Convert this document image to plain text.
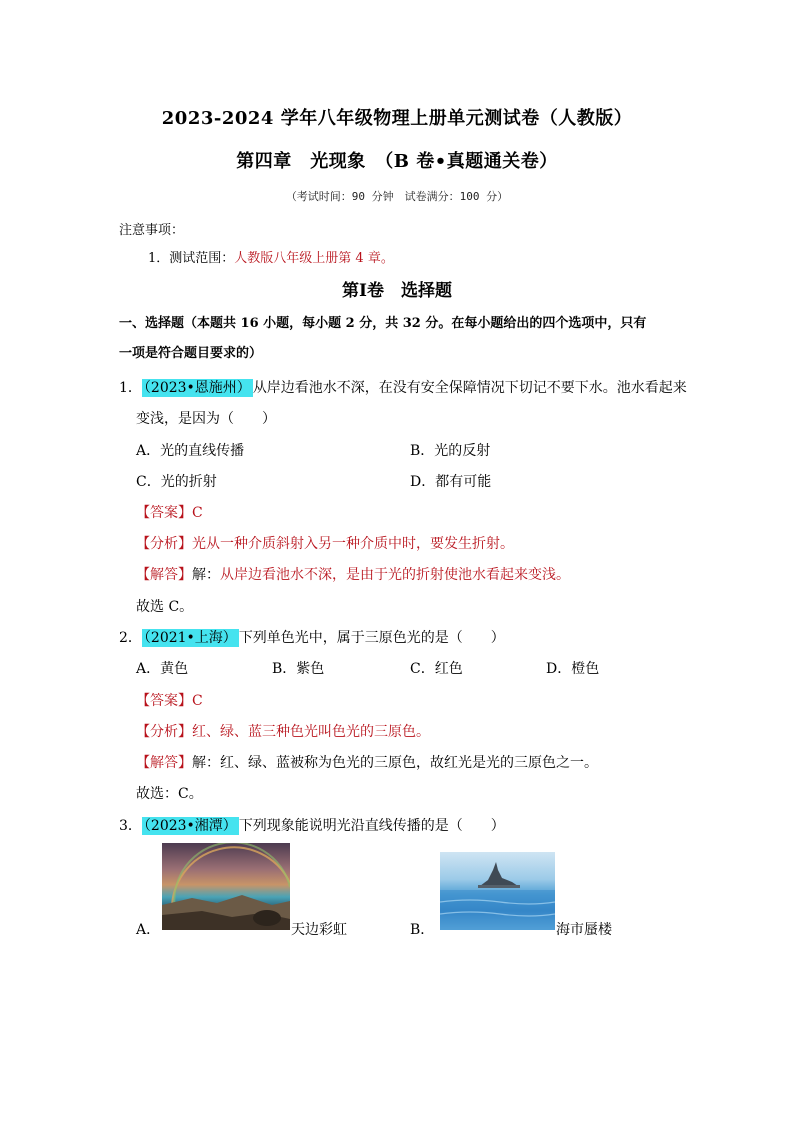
2023-2024 学年八年级物理上册单元测试卷（人教版）
第四章　光现象　（B 卷•真题通关卷）
（考试时间：90 分钟　试卷满分：100 分）
注意事项：
1．测试范围：人教版八年级上册第 4 章。
第Ⅰ卷　选择题
一、选择题（本题共 16 小题，每小题 2 分，共 32 分。在每小题给出的四个选项中，只有
一项是符合题目要求的）
1． （2023•恩施州） 从岸边看池水不深，在没有安全保障情况下切记不要下水。池水看起来
变浅，是因为（　　）
A．光的直线传播	B．光的反射
C．光的折射	D．都有可能
【答案】C
【分析】光从一种介质斜射入另一种介质中时，要发生折射。
【解答】解：从岸边看池水不深，是由于光的折射使池水看起来变浅。
故选 C。
2． （2021•上海） 下列单色光中，属于三原色光的是（　　）
A．黄色	B．紫色	C．红色	D．橙色
【答案】C
【分析】红、绿、蓝三种色光叫色光的三原色。
【解答】解：红、绿、蓝被称为色光的三原色，故红光是光的三原色之一。
故选：C。
3． （2023•湘潭） 下列现象能说明光沿直线传播的是（　　）
A．	天边彩虹	B．	海市蜃楼
